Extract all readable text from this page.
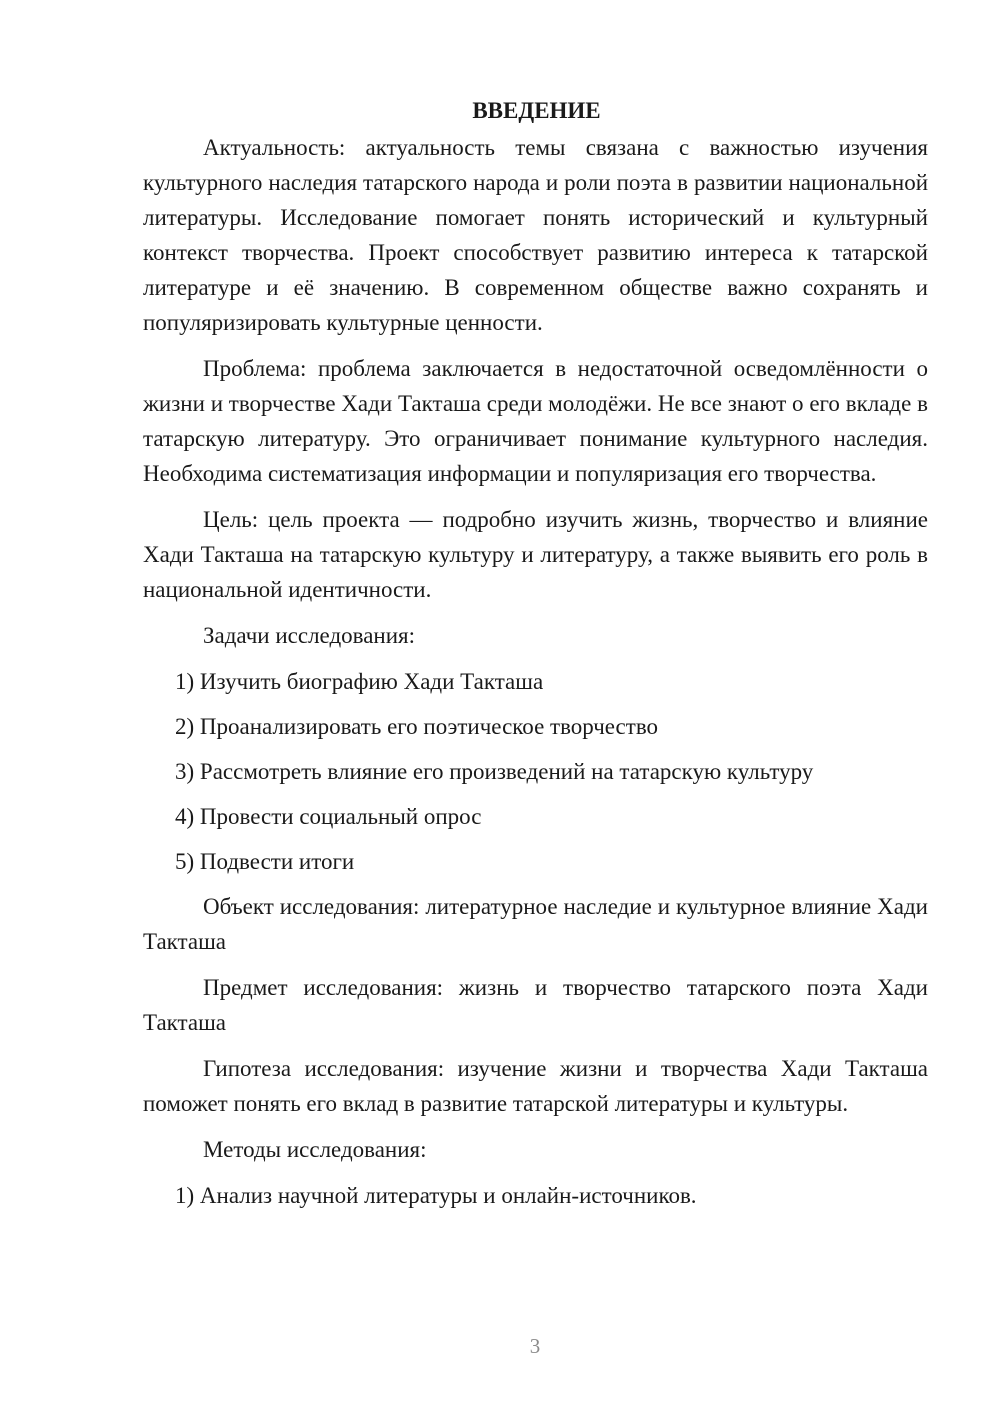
ВВЕДЕНИЕ

Актуальность: актуальность темы связана с важностью изучения культурного наследия татарского народа и роли поэта в развитии национальной литературы. Исследование помогает понять исторический и культурный контекст творчества. Проект способствует развитию интереса к татарской литературе и её значению. В современном обществе важно сохранять и популяризировать культурные ценности.

Проблема: проблема заключается в недостаточной осведомлённости о жизни и творчестве Хади Такташа среди молодёжи. Не все знают о его вкладе в татарскую литературу. Это ограничивает понимание культурного наследия. Необходима систематизация информации и популяризация его творчества.

Цель: цель проекта — подробно изучить жизнь, творчество и влияние Хади Такташа на татарскую культуру и литературу, а также выявить его роль в национальной идентичности.

Задачи исследования:

1) Изучить биографию Хади Такташа

2) Проанализировать его поэтическое творчество

3) Рассмотреть влияние его произведений на татарскую культуру

4) Провести социальный опрос

5) Подвести итоги

Объект исследования: литературное наследие и культурное влияние Хади Такташа

Предмет исследования: жизнь и творчество татарского поэта Хади Такташа

Гипотеза исследования: изучение жизни и творчества Хади Такташа поможет понять его вклад в развитие татарской литературы и культуры.

Методы исследования:

1) Анализ научной литературы и онлайн-источников.

3
